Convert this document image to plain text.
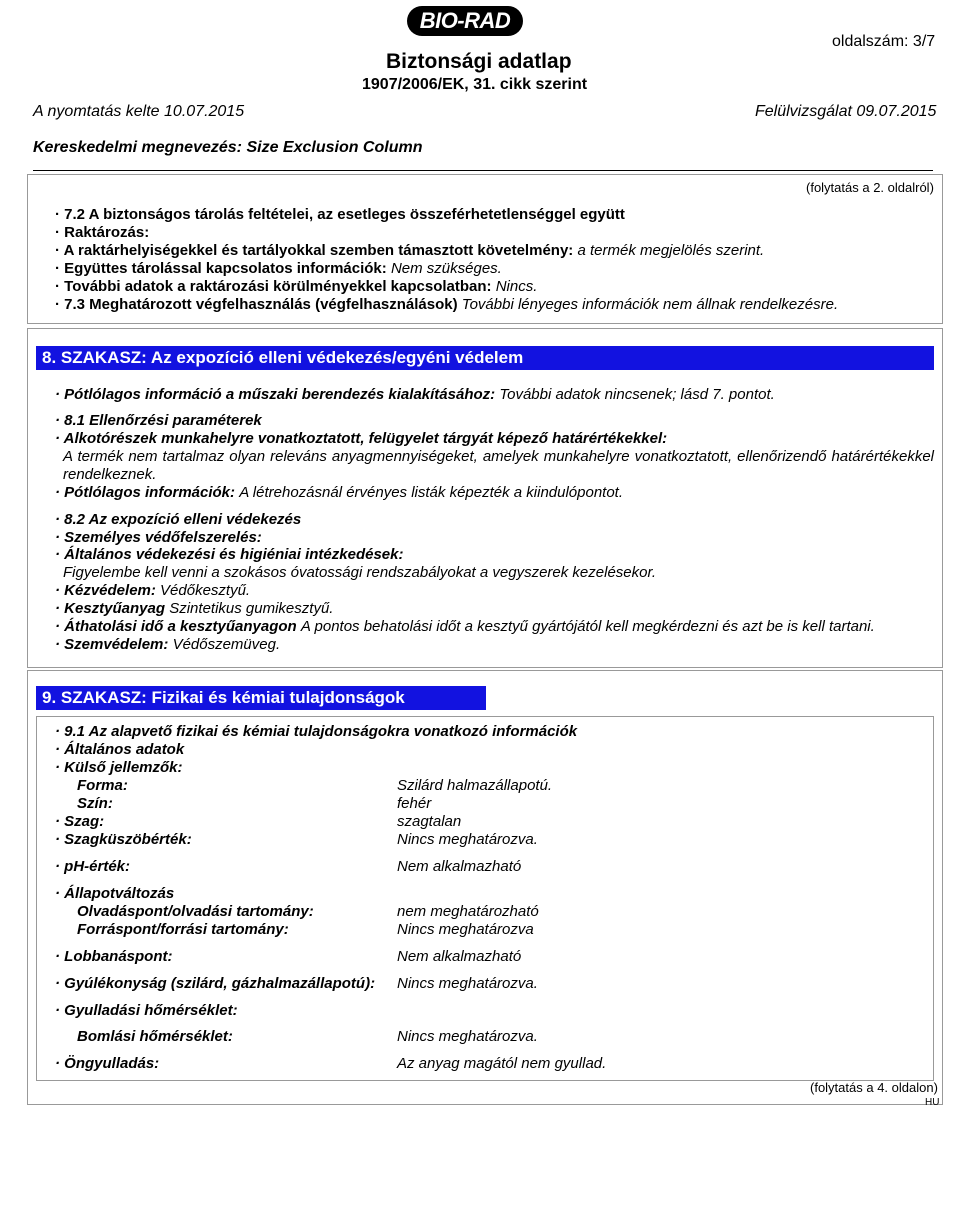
BIO-RAD
Biztonsági adatlap
1907/2006/EK, 31. cikk szerint
oldalszám: 3/7
A nyomtatás kelte 10.07.2015	Felülvizsgálat 09.07.2015
Kereskedelmi megnevezés: Size Exclusion Column
(folytatás a 2. oldalról)
· 7.2 A biztonságos tárolás feltételei, az esetleges összeférhetetlenséggel együtt
· Raktározás:
· A raktárhelyiségekkel és tartályokkal szemben támasztott követelmény: a termék megjelölés szerint.
· Együttes tárolással kapcsolatos információk: Nem szükséges.
· További adatok a raktározási körülményekkel kapcsolatban: Nincs.
· 7.3 Meghatározott végfelhasználás (végfelhasználások) További lényeges információk nem állnak rendelkezésre.
8. SZAKASZ: Az expozíció elleni védekezés/egyéni védelem
· Pótlólagos információ a műszaki berendezés kialakításához: További adatok nincsenek; lásd 7. pontot.
· 8.1 Ellenőrzési paraméterek
· Alkotórészek munkahelyre vonatkoztatott, felügyelet tárgyát képező határértékekkel:
A termék nem tartalmaz olyan releváns anyagmennyiségeket, amelyek munkahelyre vonatkoztatott, ellenőrizendő határértékekkel rendelkeznek.
· Pótlólagos információk: A létrehozásnál érvényes listák képezték a kiindulópontot.
· 8.2 Az expozíció elleni védekezés
· Személyes védőfelszerelés:
· Általános védekezési és higiéniai intézkedések:
Figyelembe kell venni a szokásos óvatossági rendszabályokat a vegyszerek kezelésekor.
· Kézvédelem: Védőkesztyű.
· Kesztyűanyag Szintetikus gumikesztyű.
· Áthatolási idő a kesztyűanyagon A pontos behatolási időt a kesztyű gyártójától kell megkérdezni és azt be is kell tartani.
· Szemvédelem: Védőszemüveg.
9. SZAKASZ: Fizikai és kémiai tulajdonságok
· 9.1 Az alapvető fizikai és kémiai tulajdonságokra vonatkozó információk
· Általános adatok
· Külső jellemzők:
Forma:	Szilárd halmazállapotú.
Szín:	fehér
· Szag:	szagtalan
· Szagküszöbérték:	Nincs meghatározva.
· pH-érték:	Nem alkalmazható
· Állapotváltozás
Olvadáspont/olvadási tartomány:	nem meghatározható
Forráspont/forrási tartomány:	Nincs meghatározva
· Lobbanáspont:	Nem alkalmazható
· Gyúlékonyság (szilárd, gázhalmazállapotú): Nincs meghatározva.
· Gyulladási hőmérséklet:
Bomlási hőmérséklet:	Nincs meghatározva.
· Öngyulladás:	Az anyag magától nem gyullad.
(folytatás a 4. oldalon)
HU
